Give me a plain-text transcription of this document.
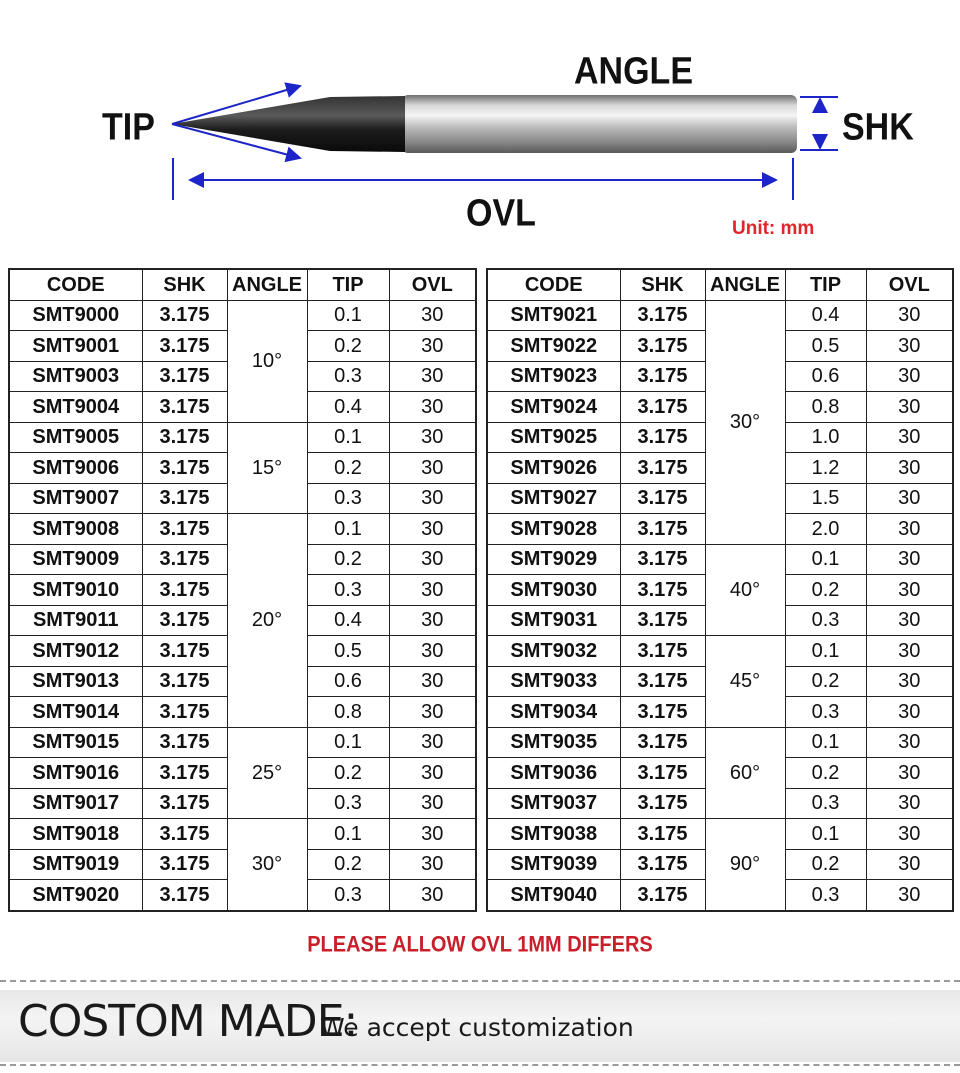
ANGLE
TIP	SHK
OVL	Unit: mm
CODE	SHK	ANGLE	TIP	OVL
SMT9000	3.175	10°	0.1	30
SMT9001	3.175		0.2	30
SMT9003	3.175		0.3	30
SMT9004	3.175		0.4	30
SMT9005	3.175	15°	0.1	30
SMT9006	3.175		0.2	30
SMT9007	3.175		0.3	30
SMT9008	3.175	20°	0.1	30
SMT9009	3.175		0.2	30
SMT9010	3.175		0.3	30
SMT9011	3.175		0.4	30
SMT9012	3.175		0.5	30
SMT9013	3.175		0.6	30
SMT9014	3.175		0.8	30
SMT9015	3.175	25°	0.1	30
SMT9016	3.175		0.2	30
SMT9017	3.175		0.3	30
SMT9018	3.175	30°	0.1	30
SMT9019	3.175		0.2	30
SMT9020	3.175		0.3	30
CODE	SHK	ANGLE	TIP	OVL
SMT9021	3.175	30°	0.4	30
SMT9022	3.175		0.5	30
SMT9023	3.175		0.6	30
SMT9024	3.175		0.8	30
SMT9025	3.175		1.0	30
SMT9026	3.175		1.2	30
SMT9027	3.175		1.5	30
SMT9028	3.175		2.0	30
SMT9029	3.175	40°	0.1	30
SMT9030	3.175		0.2	30
SMT9031	3.175		0.3	30
SMT9032	3.175	45°	0.1	30
SMT9033	3.175		0.2	30
SMT9034	3.175		0.3	30
SMT9035	3.175	60°	0.1	30
SMT9036	3.175		0.2	30
SMT9037	3.175		0.3	30
SMT9038	3.175	90°	0.1	30
SMT9039	3.175		0.2	30
SMT9040	3.175		0.3	30
PLEASE ALLOW OVL 1MM DIFFERS
COSTOM MADE:
We accept customization
